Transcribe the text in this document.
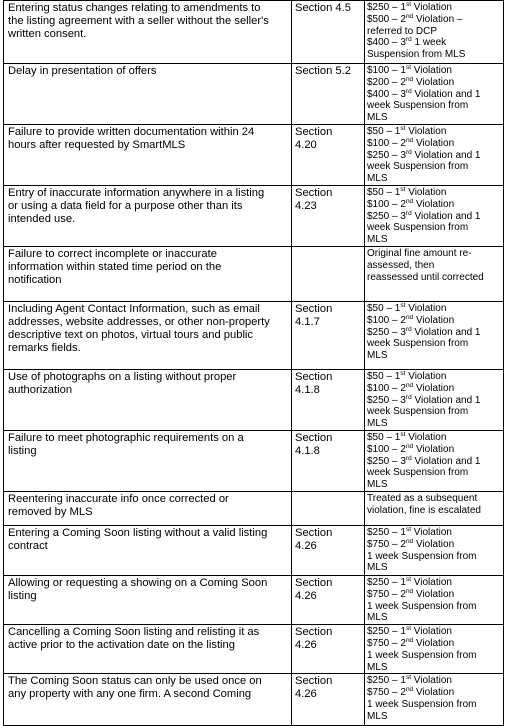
Entering status changes relating to amendments to
the listing agreement with a seller without the seller's
written consent.	Section 4.5	$250 – 1st Violation
$500 – 2nd Violation –
referred to DCP
$400 – 3rd 1 week
Suspension from MLS

Delay in presentation of offers	Section 5.2	$100 – 1st Violation
$200 – 2nd Violation
$400 – 3rd Violation and 1
week Suspension from
MLS

Failure to provide written documentation within 24
hours after requested by SmartMLS	Section
4.20	$50 – 1st Violation
$100 – 2nd Violation
$250 – 3rd Violation and 1
week Suspension from
MLS

Entry of inaccurate information anywhere in a listing
or using a data field for a purpose other than its
intended use.	Section
4.23	$50 – 1st Violation
$100 – 2nd Violation
$250 – 3rd Violation and 1
week Suspension from
MLS

Failure to correct incomplete or inaccurate
information within stated time period on the
notification		Original fine amount re-
assessed, then
reassessed until corrected

Including Agent Contact Information, such as email
addresses, website addresses, or other non-property
descriptive text on photos, virtual tours and public
remarks fields.	Section
4.1.7	$50 – 1st Violation
$100 – 2nd Violation
$250 – 3rd Violation and 1
week Suspension from
MLS

Use of photographs on a listing without proper
authorization	Section
4.1.8	$50 – 1st Violation
$100 – 2nd Violation
$250 – 3rd Violation and 1
week Suspension from
MLS

Failure to meet photographic requirements on a
listing	Section
4.1.8	$50 – 1st Violation
$100 – 2nd Violation
$250 – 3rd Violation and 1
week Suspension from
MLS

Reentering inaccurate info once corrected or
removed by MLS		Treated as a subsequent
violation, fine is escalated

Entering a Coming Soon listing without a valid listing
contract	Section
4.26	$250 – 1st Violation
$750 – 2nd Violation
1 week Suspension from
MLS

Allowing or requesting a showing on a Coming Soon
listing	Section
4.26	$250 – 1st Violation
$750 – 2nd Violation
1 week Suspension from
MLS

Cancelling a Coming Soon listing and relisting it as
active prior to the activation date on the listing	Section
4.26	$250 – 1st Violation
$750 – 2nd Violation
1 week Suspension from
MLS

The Coming Soon status can only be used once on
any property with any one firm. A second Coming	Section
4.26	$250 – 1st Violation
$750 – 2nd Violation
1 week Suspension from
MLS
